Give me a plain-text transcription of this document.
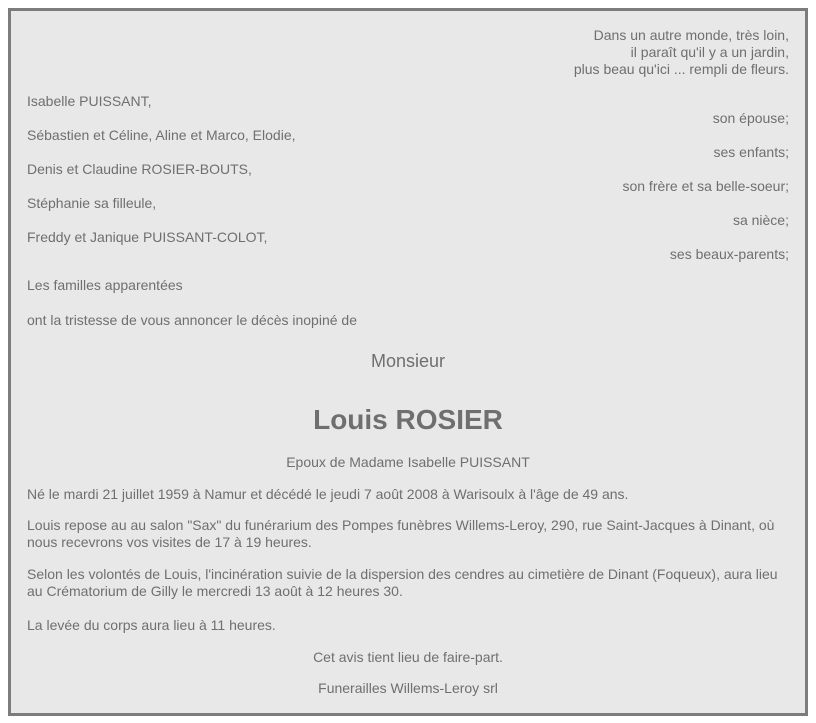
Dans un autre monde, très loin,
il paraît qu'il y a un jardin,
plus beau qu'ici ... rempli de fleurs.
Isabelle PUISSANT,
son épouse;
Sébastien et Céline, Aline et Marco, Elodie,
ses enfants;
Denis et Claudine ROSIER-BOUTS,
son frère et sa belle-soeur;
Stéphanie sa filleule,
sa nièce;
Freddy et Janique PUISSANT-COLOT,
ses beaux-parents;
Les familles apparentées
ont la tristesse de vous annoncer le décès inopiné de
Monsieur
Louis ROSIER
Epoux de Madame Isabelle PUISSANT
Né le mardi 21 juillet 1959 à Namur et décédé le jeudi 7 août 2008 à Warisoulx à l'âge de 49 ans.
Louis repose au au salon "Sax" du funérarium des Pompes funèbres Willems-Leroy, 290, rue Saint-Jacques à Dinant, où nous recevrons vos visites de 17 à 19 heures.
Selon les volontés de Louis, l'incinération suivie de la dispersion des cendres au cimetière de Dinant (Foqueux), aura lieu au Crématorium de Gilly le mercredi 13 août à 12 heures 30.
La levée du corps aura lieu à 11 heures.
Cet avis tient lieu de faire-part.
Funerailles Willems-Leroy srl
